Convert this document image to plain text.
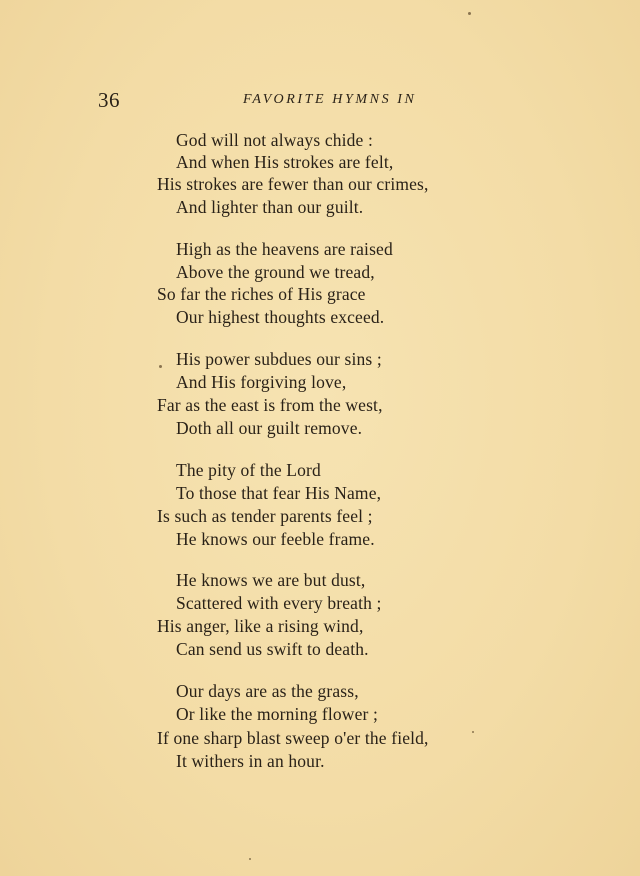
36	FAVORITE HYMNS IN
God will not always chide :
And when His strokes are felt,
His strokes are fewer than our crimes,
And lighter than our guilt.
High as the heavens are raised
Above the ground we tread,
So far the riches of His grace
Our highest thoughts exceed.
His power subdues our sins ;
And His forgiving love,
Far as the east is from the west,
Doth all our guilt remove.
The pity of the Lord
To those that fear His Name,
Is such as tender parents feel ;
He knows our feeble frame.
He knows we are but dust,
Scattered with every breath ;
His anger, like a rising wind,
Can send us swift to death.
Our days are as the grass,
Or like the morning flower ;
If one sharp blast sweep o'er the field,
It withers in an hour.
